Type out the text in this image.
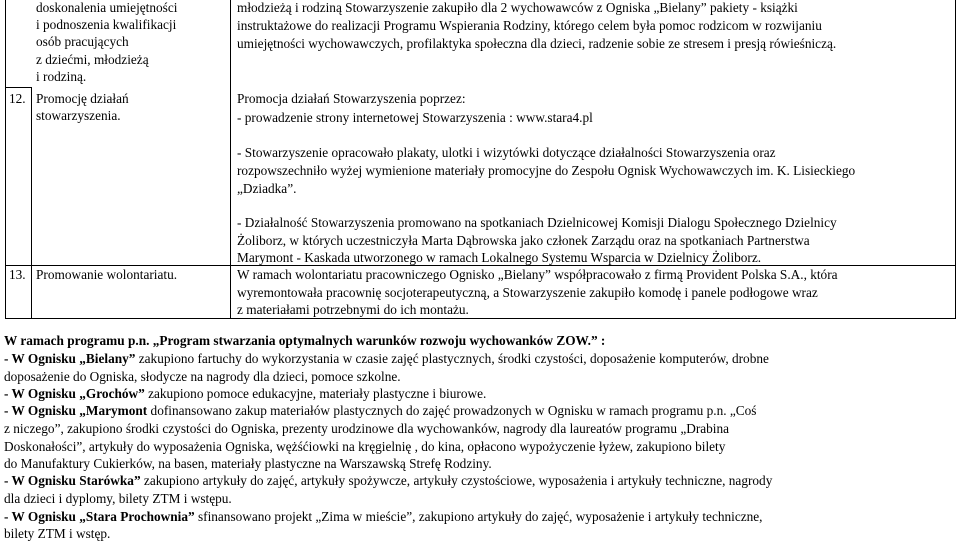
doskonalenia umiejętności
i podnoszenia kwalifikacji
osób pracujących
z dziećmi, młodzieżą
i rodziną.
młodzieżą i rodziną Stowarzyszenie zakupiło dla 2 wychowawców z Ogniska „Bielany” pakiety - książki
instruktażowe do realizacji Programu Wspierania Rodziny, którego celem była pomoc rodzicom w rozwijaniu
umiejętności wychowawczych, profilaktyka społeczna dla dzieci, radzenie sobie ze stresem i presją rówieśniczą.
12. Promocję działań
stowarzyszenia.
Promocja działań Stowarzyszenia poprzez:
- prowadzenie strony internetowej Stowarzyszenia : www.stara4.pl
- Stowarzyszenie opracowało plakaty, ulotki i wizytówki dotyczące działalności Stowarzyszenia oraz
rozpowszechniło wyżej wymienione materiały promocyjne do Zespołu Ognisk Wychowawczych im. K. Lisieckiego
„Dziadka”.
- Działalność Stowarzyszenia promowano na spotkaniach Dzielnicowej Komisji Dialogu Społecznego Dzielnicy
Żoliborz, w których uczestniczyła Marta Dąbrowska jako członek Zarządu oraz na spotkaniach Partnerstwa
Marymont - Kaskada utworzonego w ramach Lokalnego Systemu Wsparcia w Dzielnicy Żoliborz.
13. Promowanie wolontariatu.	W ramach wolontariatu pracowniczego Ognisko „Bielany” współpracowało z firmą Provident Polska S.A., która
wyremontowała pracownię socjoterapeutyczną, a Stowarzyszenie zakupiło komodę i panele podłogowe wraz
z materiałami potrzebnymi do ich montażu.
W ramach programu p.n. „Program stwarzania optymalnych warunków rozwoju wychowanków ZOW.” :
- W Ognisku „Bielany” zakupiono fartuchy do wykorzystania w czasie zajęć plastycznych, środki czystości, doposażenie komputerów, drobne
doposażenie do Ogniska, słodycze na nagrody dla dzieci, pomoce szkolne.
- W Ognisku „Grochów” zakupiono pomoce edukacyjne, materiały plastyczne i biurowe.
- W Ognisku „Marymont dofinansowano zakup materiałów plastycznych do zajęć prowadzonych w Ognisku w ramach programu p.n. „Coś
z niczego”, zakupiono środki czystości do Ogniska, prezenty urodzinowe dla wychowanków, nagrody dla laureatów programu „Drabina
Doskonałości”, artykuły do wyposażenia Ogniska, wężśćiowki na kręgielnię , do kina, opłacono wypożyczenie łyżew, zakupiono bilety
do Manufaktury Cukierków, na basen, materiały plastyczne na Warszawską Strefę Rodziny.
- W Ognisku Starówka” zakupiono artykuły do zajęć, artykuły spożywcze, artykuły czystościowe, wyposażenia i artykuły techniczne, nagrody
dla dzieci i dyplomy, bilety ZTM i wstępu.
- W Ognisku „Stara Prochownia” sfinansowano projekt „Zima w mieście”, zakupiono artykuły do zajęć, wyposażenie i artykuły techniczne,
bilety ZTM i wstęp.
